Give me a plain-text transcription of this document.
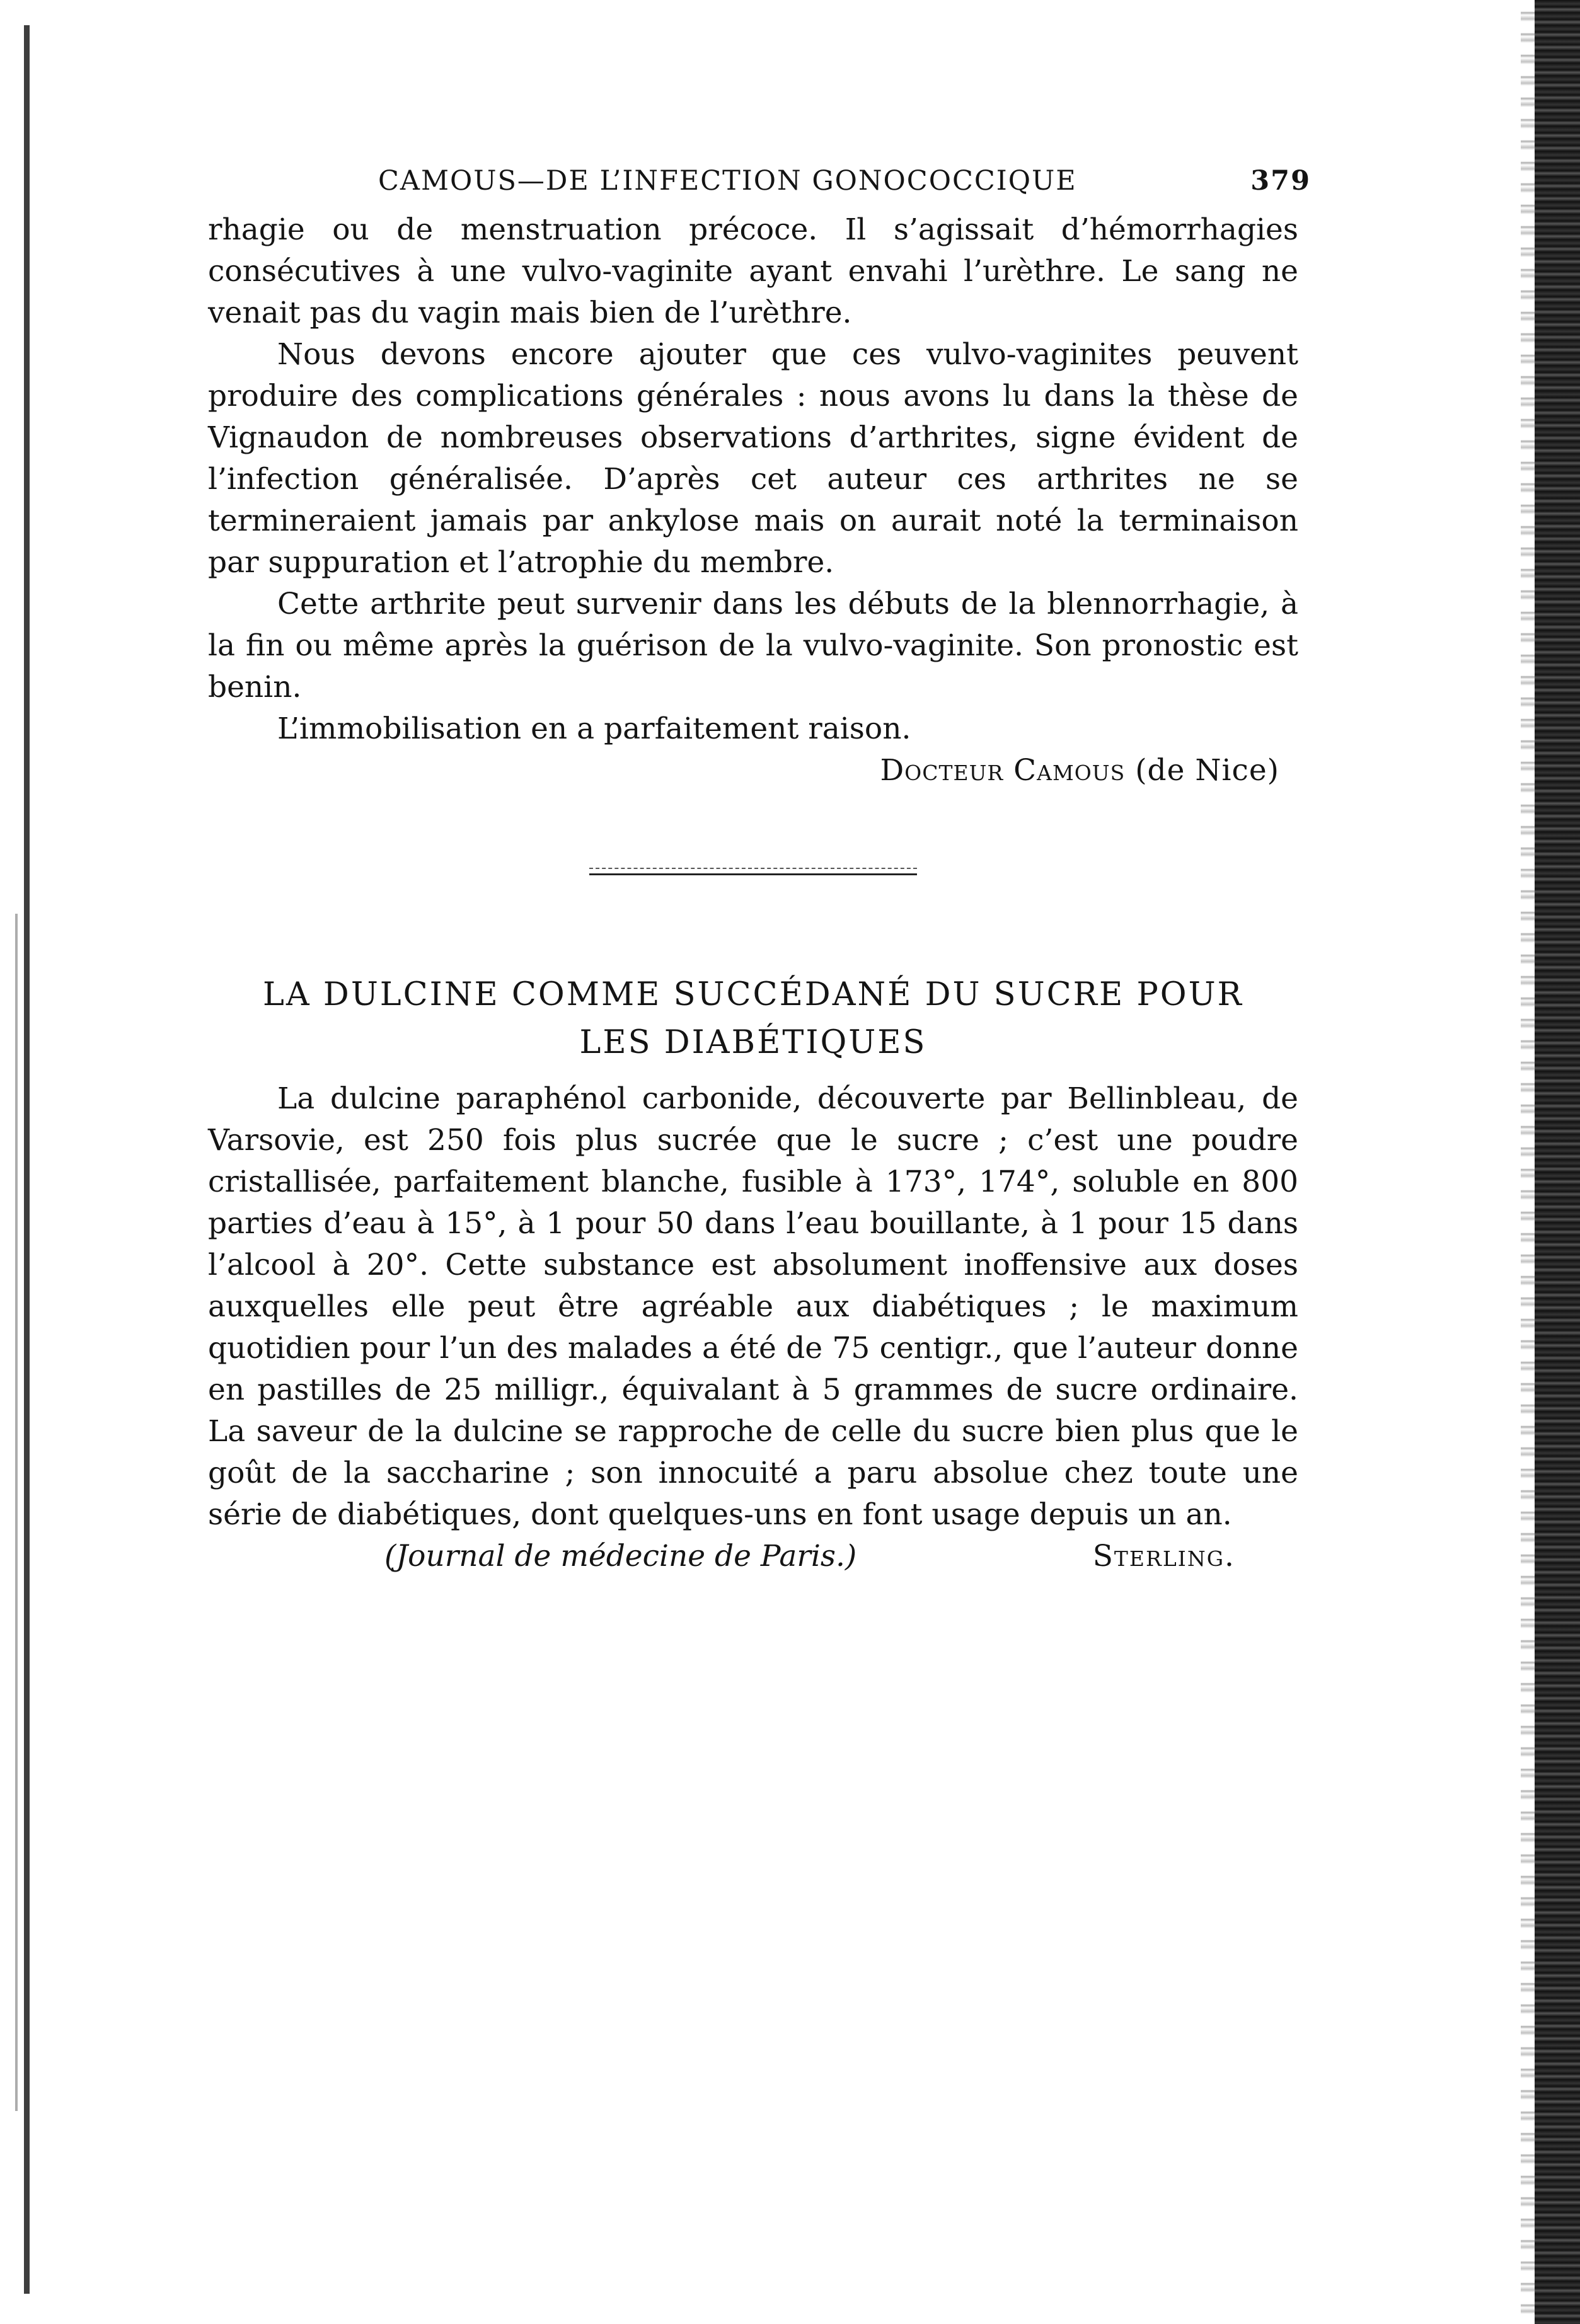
CAMOUS—DE L’INFECTION GONOCOCCIQUE	379

rhagie ou de menstruation précoce. Il s’agissait d’hémorrhagies consécutives à une vulvo-vaginite ayant envahi l’urèthre. Le sang ne venait pas du vagin mais bien de l’urèthre.

Nous devons encore ajouter que ces vulvo-vaginites peuvent produire des complications générales : nous avons lu dans la thèse de Vignaudon de nombreuses observations d’arthrites, signe évident de l’infection généralisée. D’après cet auteur ces arthrites ne se termineraient jamais par ankylose mais on aurait noté la terminaison par suppuration et l’atrophie du membre.

Cette arthrite peut survenir dans les débuts de la blennorrhagie, à la fin ou même après la guérison de la vulvo-vaginite. Son pronostic est benin.

L’immobilisation en a parfaitement raison.

Docteur Camous (de Nice)
LA DULCINE COMME SUCCÉDANÉ DU SUCRE POUR
LES DIABÉTIQUES

La dulcine paraphénol carbonide, découverte par Bellinbleau, de Varsovie, est 250 fois plus sucrée que le sucre ; c’est une poudre cristallisée, parfaitement blanche, fusible à 173°, 174°, soluble en 800 parties d’eau à 15°, à 1 pour 50 dans l’eau bouillante, à 1 pour 15 dans l’alcool à 20°. Cette substance est absolument inoffensive aux doses auxquelles elle peut être agréable aux diabétiques ; le maximum quotidien pour l’un des malades a été de 75 centigr., que l’auteur donne en pastilles de 25 milligr., équivalant à 5 grammes de sucre ordinaire. La saveur de la dulcine se rapproche de celle du sucre bien plus que le goût de la saccharine ; son innocuité a paru absolue chez toute une série de diabétiques, dont quelques-uns en font usage depuis un an.

(Journal de médecine de Paris.)	Sterling.
